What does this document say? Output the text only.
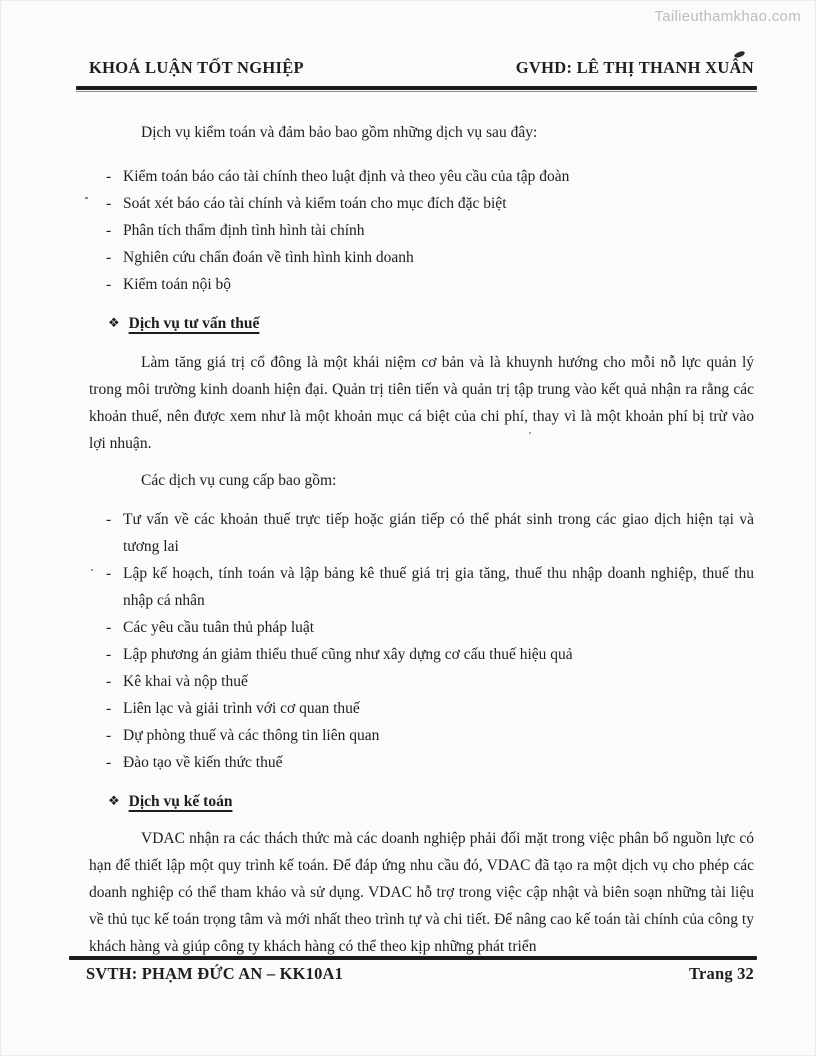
Tailieuthamkhao.com
KHOÁ LUẬN TỐT NGHIỆP	GVHD: LÊ THỊ THANH XUÂN

Dịch vụ kiểm toán và đảm bảo bao gồm những dịch vụ sau đây:

- Kiểm toán báo cáo tài chính theo luật định và theo yêu cầu của tập đoàn
- Soát xét báo cáo tài chính và kiểm toán cho mục đích đặc biệt
- Phân tích thẩm định tình hình tài chính
- Nghiên cứu chẩn đoán về tình hình kinh doanh
- Kiểm toán nội bộ
❖ Dịch vụ tư vấn thuế

Làm tăng giá trị cổ đông là một khái niệm cơ bản và là khuynh hướng cho mỗi nỗ lực quản lý trong môi trường kinh doanh hiện đại. Quản trị tiên tiến và quản trị tập trung vào kết quả nhận ra rằng các khoản thuế, nên được xem như là một khoản mục cá biệt của chi phí, thay vì là một khoản phí bị trừ vào lợi nhuận.

Các dịch vụ cung cấp bao gồm:

- Tư vấn về các khoản thuế trực tiếp hoặc gián tiếp có thể phát sinh trong các giao dịch hiện tại và tương lai
- Lập kế hoạch, tính toán và lập bảng kê thuế giá trị gia tăng, thuế thu nhập doanh nghiệp, thuế thu nhập cá nhân
- Các yêu cầu tuân thủ pháp luật
- Lập phương án giảm thiểu thuế cũng như xây dựng cơ cấu thuế hiệu quả
- Kê khai và nộp thuế
- Liên lạc và giải trình với cơ quan thuế
- Dự phòng thuế và các thông tin liên quan
- Đào tạo về kiến thức thuế
❖ Dịch vụ kế toán

VDAC nhận ra các thách thức mà các doanh nghiệp phải đối mặt trong việc phân bổ nguồn lực có hạn để thiết lập một quy trình kế toán. Để đáp ứng nhu cầu đó, VDAC đã tạo ra một dịch vụ cho phép các doanh nghiệp có thể tham khảo và sử dụng. VDAC hỗ trợ trong việc cập nhật và biên soạn những tài liệu về thủ tục kế toán trọng tâm và mới nhất theo trình tự và chi tiết. Để nâng cao kế toán tài chính của công ty khách hàng và giúp công ty khách hàng có thể theo kịp những phát triển

SVTH: PHẠM ĐỨC AN – KK10A1	Trang 32
